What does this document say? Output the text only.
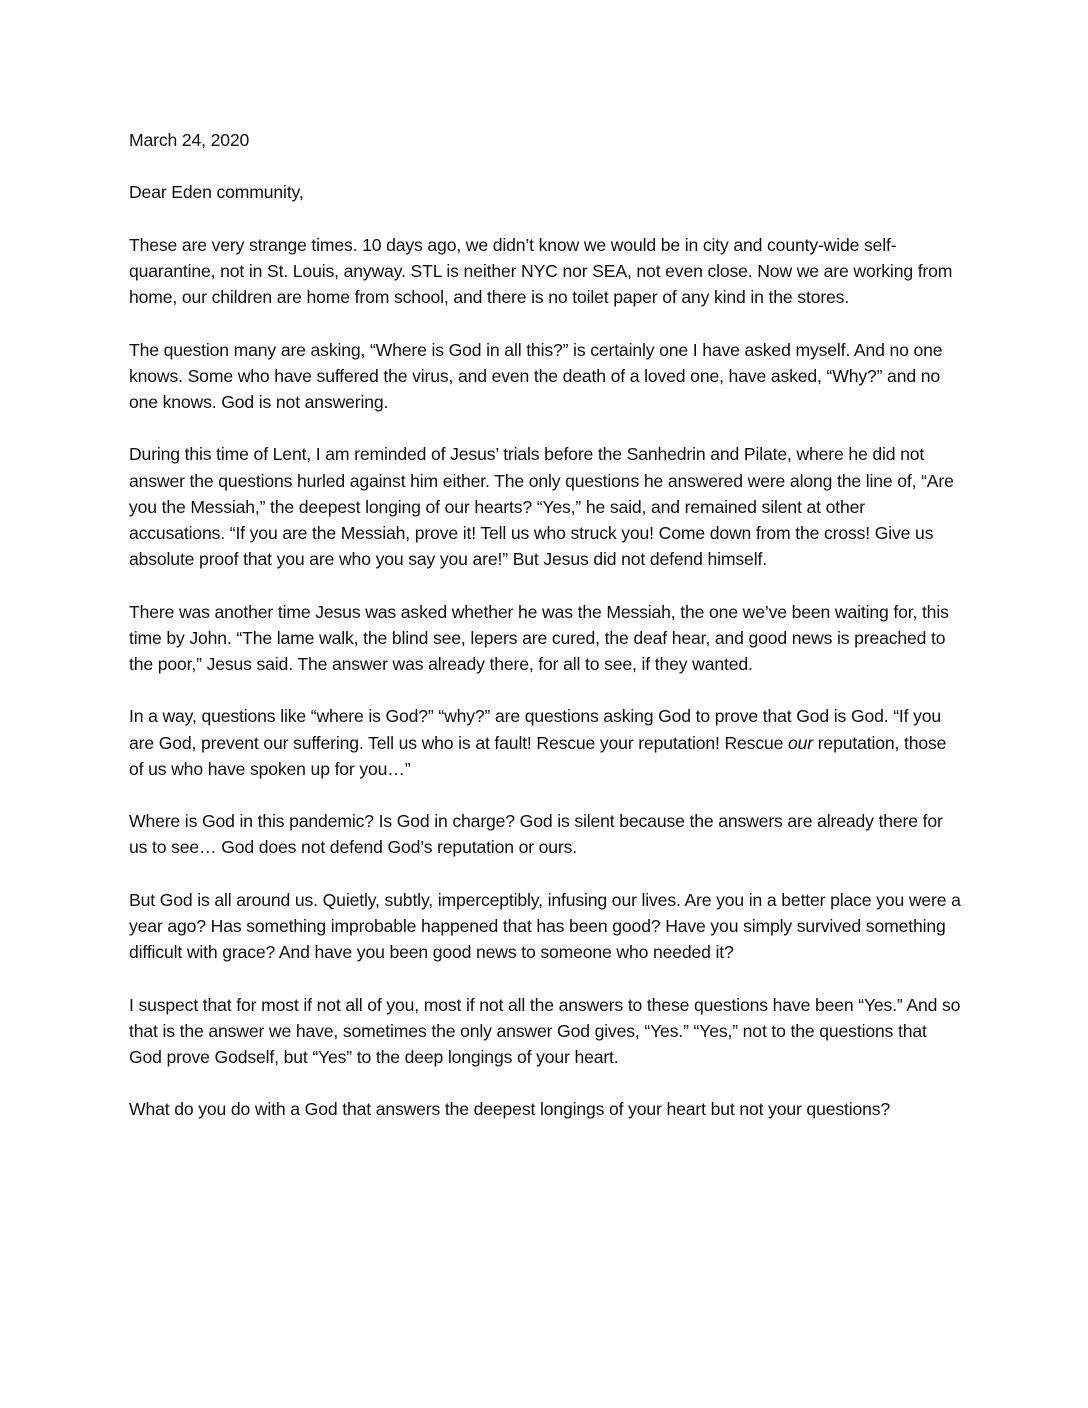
March 24, 2020

Dear Eden community,

These are very strange times. 10 days ago, we didn’t know we would be in city and county-wide self-quarantine, not in St. Louis, anyway. STL is neither NYC nor SEA, not even close. Now we are working from home, our children are home from school, and there is no toilet paper of any kind in the stores.

The question many are asking, “Where is God in all this?” is certainly one I have asked myself. And no one knows. Some who have suffered the virus, and even the death of a loved one, have asked, “Why?” and no one knows. God is not answering.

During this time of Lent, I am reminded of Jesus’ trials before the Sanhedrin and Pilate, where he did not answer the questions hurled against him either. The only questions he answered were along the line of, “Are you the Messiah,” the deepest longing of our hearts? “Yes,” he said, and remained silent at other accusations. “If you are the Messiah, prove it! Tell us who struck you! Come down from the cross! Give us absolute proof that you are who you say you are!” But Jesus did not defend himself.

There was another time Jesus was asked whether he was the Messiah, the one we’ve been waiting for, this time by John. “The lame walk, the blind see, lepers are cured, the deaf hear, and good news is preached to the poor,” Jesus said. The answer was already there, for all to see, if they wanted.

In a way, questions like “where is God?” “why?” are questions asking God to prove that God is God. “If you are God, prevent our suffering. Tell us who is at fault! Rescue your reputation! Rescue our reputation, those of us who have spoken up for you…”

Where is God in this pandemic? Is God in charge? God is silent because the answers are already there for us to see… God does not defend God’s reputation or ours.

But God is all around us. Quietly, subtly, imperceptibly, infusing our lives. Are you in a better place you were a year ago? Has something improbable happened that has been good? Have you simply survived something difficult with grace? And have you been good news to someone who needed it?

I suspect that for most if not all of you, most if not all the answers to these questions have been “Yes.” And so that is the answer we have, sometimes the only answer God gives, “Yes.” “Yes,” not to the questions that God prove Godself, but “Yes” to the deep longings of your heart.

What do you do with a God that answers the deepest longings of your heart but not your questions?
